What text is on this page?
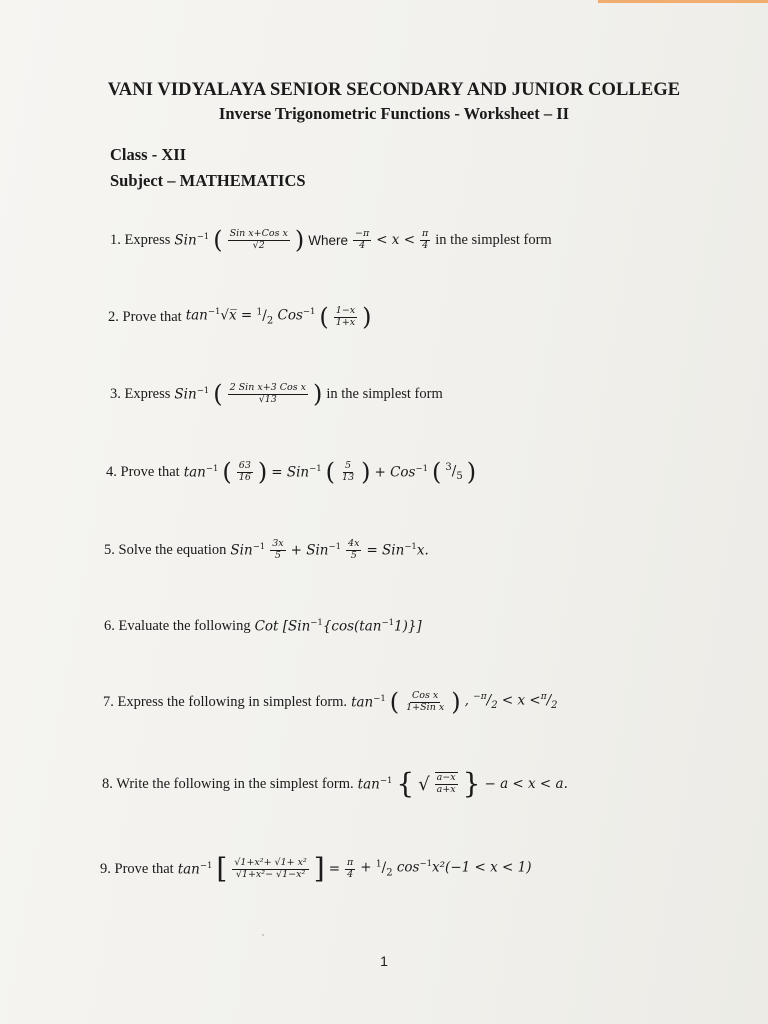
VANI VIDYALAYA SENIOR SECONDARY AND JUNIOR COLLEGE
Inverse Trigonometric Functions - Worksheet – II
Class - XII
Subject – MATHEMATICS
1. Express Sin$^{-1}$ ( $\frac{\text{Sin x+Cos x}}{√2}$ ) Where $\frac{-\pi}{4} < x < \frac{\pi}{4}$ in the simplest form
2. Prove that $\tan^{-1}√x̅ = ^1/_2$ Cos$^{-1}$ ( $\frac{1-x}{1+x}$ )
3. Express Sin$^{-1}$ ( $\frac{\text{2 Sin x+3 Cos x}}{√13}$ ) in the simplest form
4. Prove that $\tan^{-1}$ ( $\frac{63}{16}$ ) = Sin$^{-1}$ ( $\frac{5}{13}$ ) + Cos$^{-1}$ ( $^3/_5$ )
5. Solve the equation $Sin^{-1} \frac{3x}{5} + Sin^{-1} \frac{4x}{5} = Sin^{-1}x$.
6. Evaluate the following Cot $[Sin^{-1}\{\cos(\tan^{-1}1)\}]$
7. Express the following in simplest form. $\tan^{-1}$ ( $\frac{\text{Cos x}}{\text{1+Sin x}}$ ) , $^{-\pi}/_2 < x <^\pi/_2$
8. Write the following in the simplest form. $\tan^{-1}$ { √ $\frac{a-x}{a+x}$ } − a < x < a.
9. Prove that $\tan^{-1}$ [ $\frac{\text{√1+x²+ √1+ x²}}{\text{√1+x²− √1−x²}}$ ] = $\frac{\pi}{4} + ^1/_2$ $\cos^{-1}x^2(-1 < x < 1)$
1
